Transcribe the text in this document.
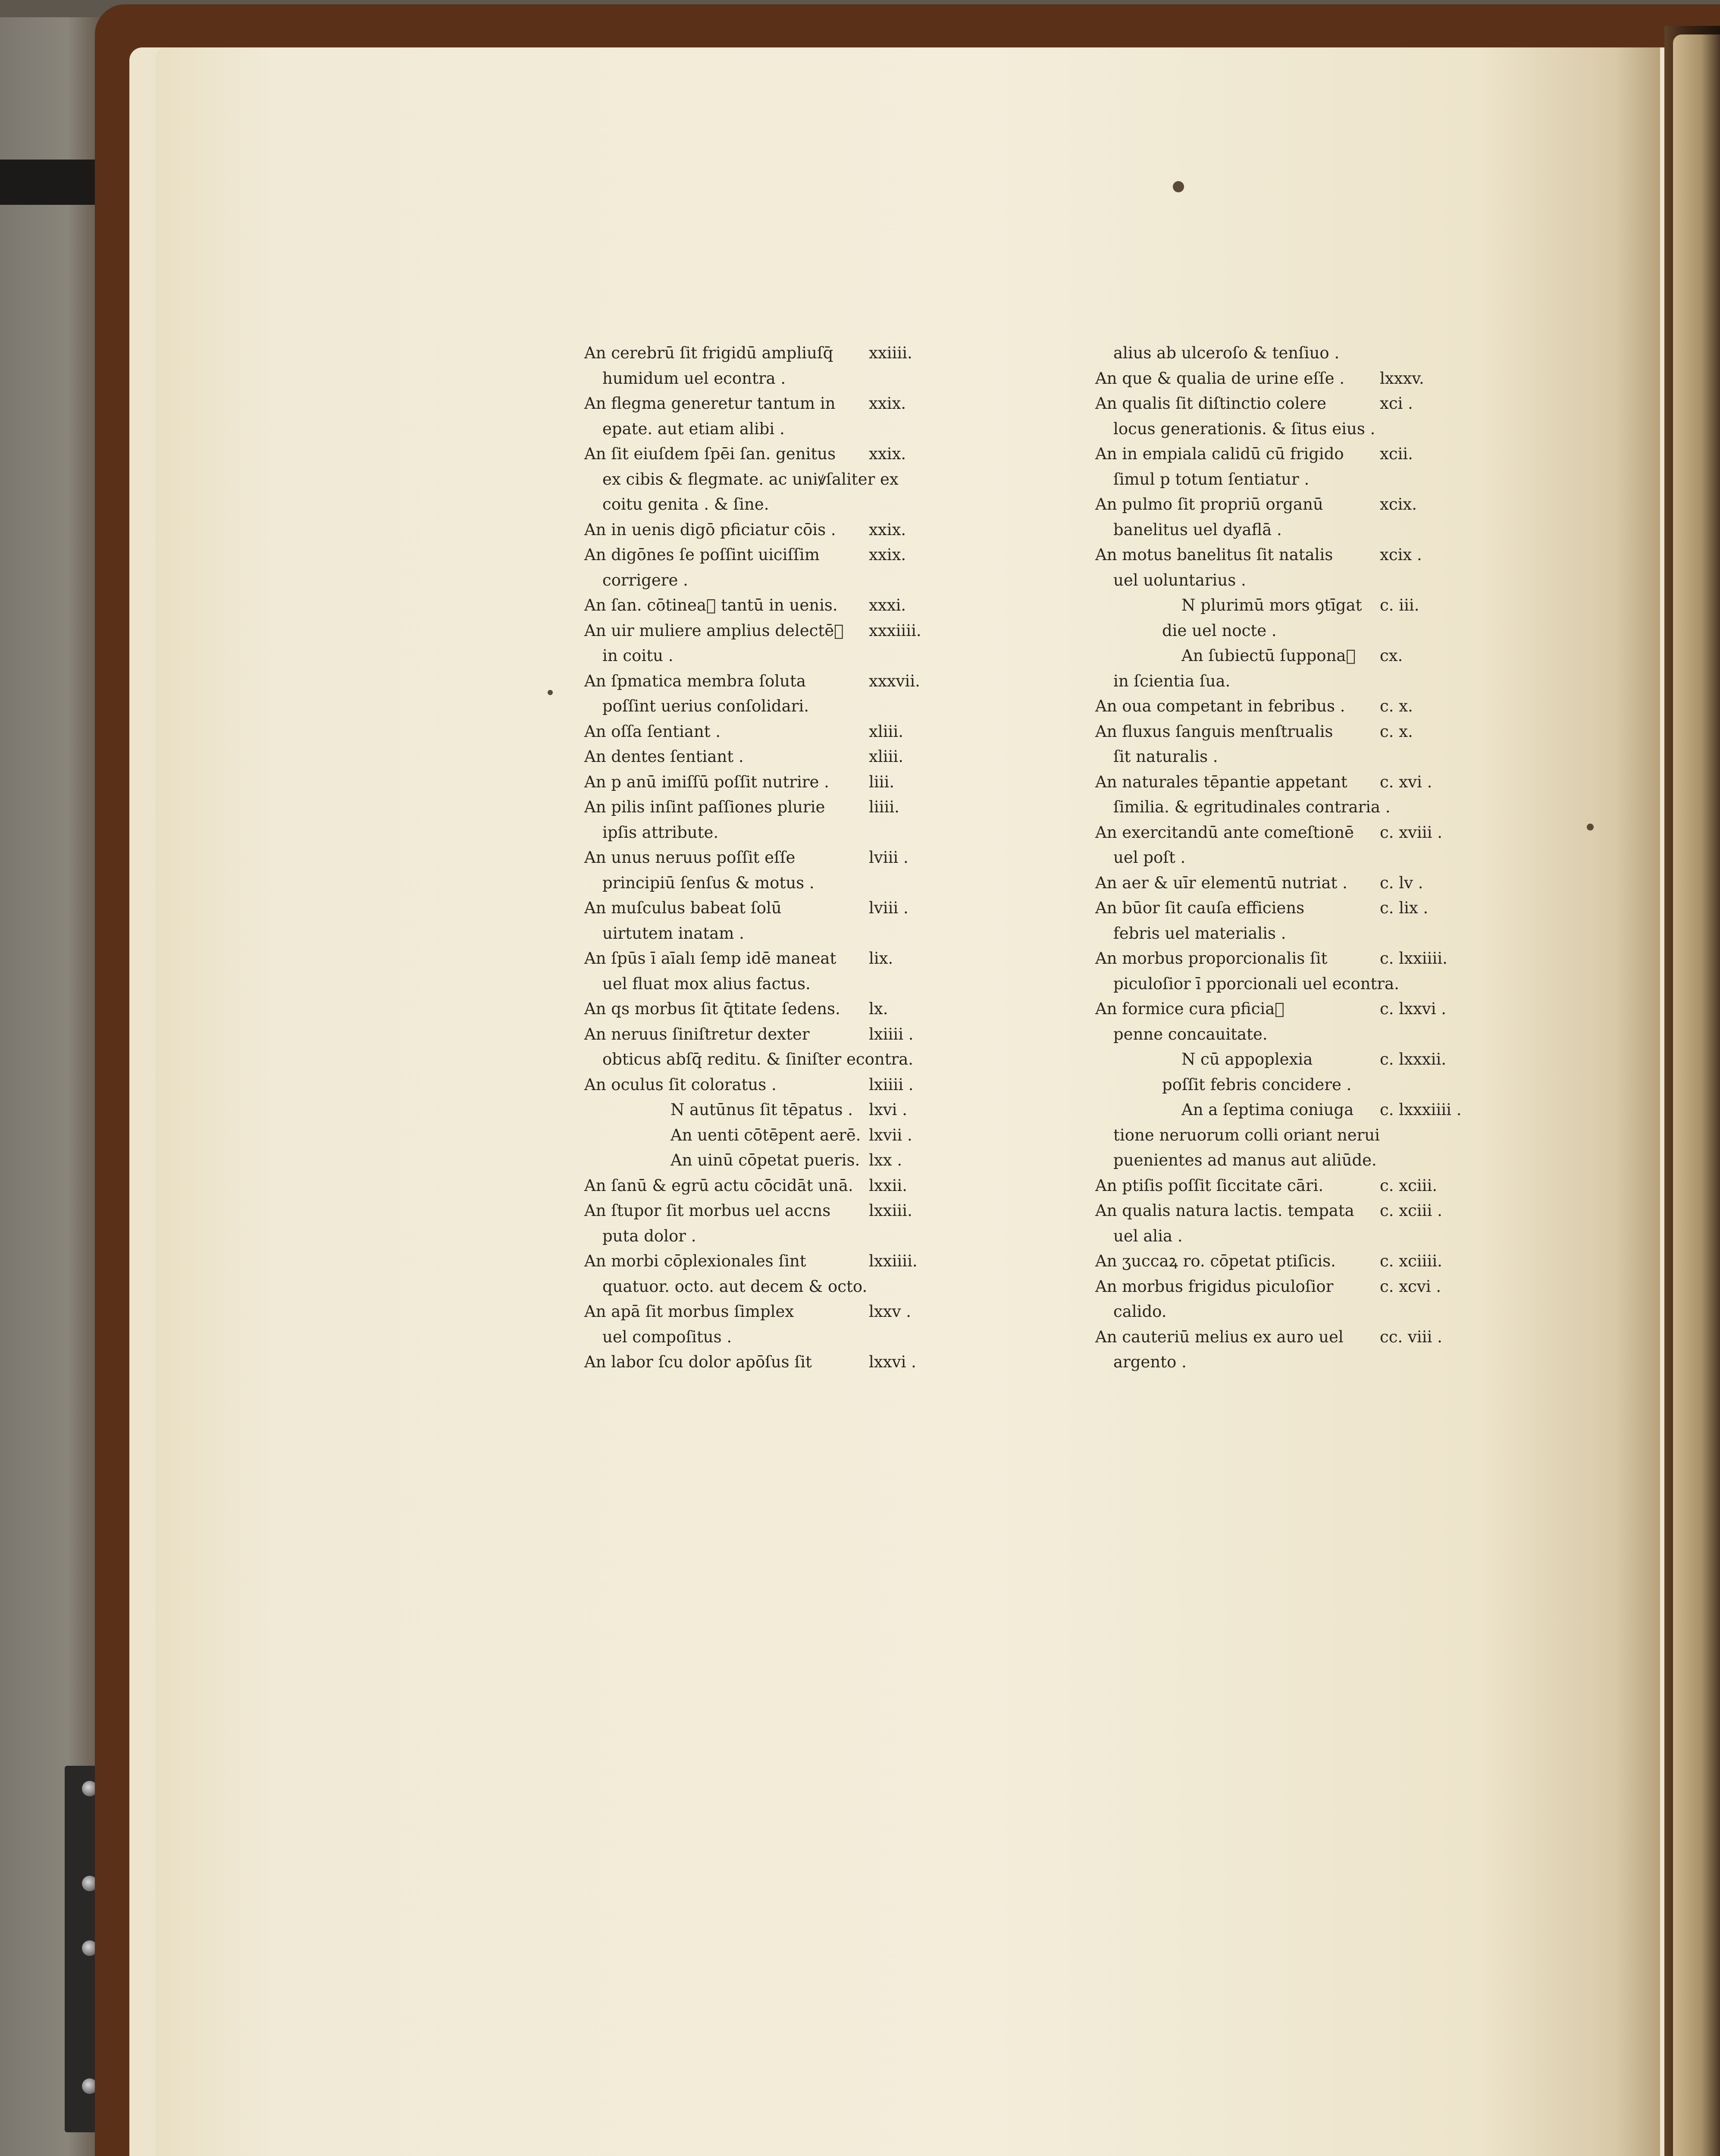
An cerebrū ſit frigidū ampliuſq̄ xxiiii.
humidum uel econtra .
An flegma generetur tantum in xxix.
epate. aut etiam alibi .
An ſit eiuſdem ſpēi ſan. genitus xxix.
ex cibis & flegmate. ac uniꝟſaliter ex
coitu genita . & ſine.
An in uenis digō pficiatur cōis . xxix.
An digōnes ſe poſſint uiciſſim	xxix.
corrigere .
An ſan. cōtineaᷓ tantū in uenis. xxxi.
An uir muliere amplius delectēᷓ xxxiiii.
in coitu .
An ſpmatica membra ſoluta	xxxvii.
poſſint uerius conſolidari.
An oſſa ſentiant .	xliii.
An dentes ſentiant .	xliii.
An p anū imiſſū poſſit nutrire . liii.
An pilis inſint paſſiones plurie	liiii.
ipſis attribute.
An unus neruus poſſit eſſe	lviii .
principiū ſenſus & motus .
An muſculus babeat ſolū	lviii .
uirtutem inatam .
An ſpūs ī aīalı ſemp idē maneat lix.
uel fluat mox alius factus.
An qs morbus ſit q̄titate ſedens. lx.
An neruus ſiniſtretur dexter	lxiiii .
obticus abſq̄ reditu. & ſiniſter econtra.
An oculus ſit coloratus .	lxiiii .
N autūnus ſit tēpatus . lxvi .
An uenti cōtēpent aerē. lxvii .
An uinū cōpetat pueris. lxx .
An ſanū & egrū actu cōcidāt unā. lxxii.
An ſtupor ſit morbus uel accns lxxiii.
puta dolor .
An morbi cōplexionales ſint	lxxiiii.
quatuor. octo. aut decem & octo.
An apā ſit morbus ſimplex	lxxv .
uel compoſitus .
An labor ſcu dolor apōſus ſit	lxxvi .
alius ab ulceroſo & tenſiuo .
An que & qualia de urine eſſe . lxxxv.
An qualis ſit diſtinctio colere	xci .
locus generationis. & ſitus eius .
An in empiala calidū cū frigido xcii.
ſimul p totum ſentiatur .
An pulmo ſit propriū organū	xcix.
banelitus uel dyaflā .
An motus banelitus ſit natalis	xcix .
uel uoluntarius .
N plurimū mors ꝯtīgat c. iii.
die uel nocte .
An ſubiectū ſupponaᷓ cx.
in ſcientia ſua.
An oua competant in febribus . c. x.
An fluxus ſanguis menſtrualis	c. x.
ſit naturalis .
An naturales tēpantie appetant c. xvi .
ſimilia. & egritudinales contraria .
An exercitandū ante comeſtionē c. xviii .
uel poſt .
An aer & uīr elementū nutriat . c. lv .
An būor ſit cauſa efficiens	c. lix .
febris uel materialis .
An morbus proporcionalis ſit	c. lxxiiii.
piculoſior ī pporcionali uel econtra.
An formice cura pficiaᷓ	c. lxxvi .
penne concauitate.
N cū appoplexia	c. lxxxii.
poſſit febris concidere .
An a ſeptima coniuga c. lxxxiiii .
tione neruorum colli oriant nerui
puenientes ad manus aut aliūde.
An ptiſis poſſit ſiccitate cāri.	c. xciii.
An qualis natura lactis. tempata c. xciii .
uel alia .
An ʒuccaꝝ ro. cōpetat ptiſicis.	c. xciiii.
An morbus frigidus piculoſior	c. xcvi .
calido.
An cauteriū melius ex auro uel cc. viii .
argento .
